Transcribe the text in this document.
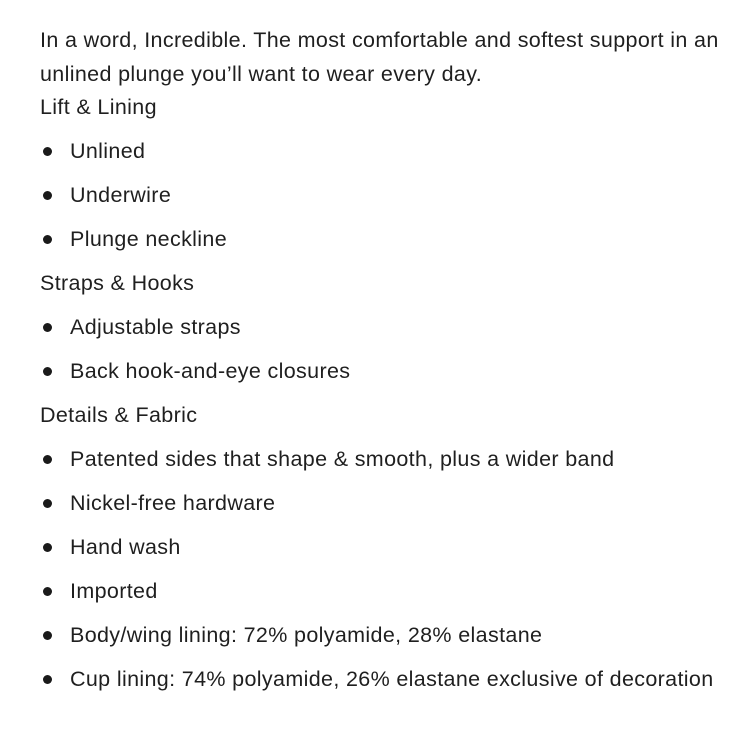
In a word, Incredible. The most comfortable and softest support in an unlined plunge you’ll want to wear every day.

Lift & Lining
Unlined
Underwire
Plunge neckline
Straps & Hooks
Adjustable straps
Back hook-and-eye closures
Details & Fabric
Patented sides that shape & smooth, plus a wider band
Nickel-free hardware
Hand wash
Imported
Body/wing lining: 72% polyamide, 28% elastane
Cup lining: 74% polyamide, 26% elastane exclusive of decoration
